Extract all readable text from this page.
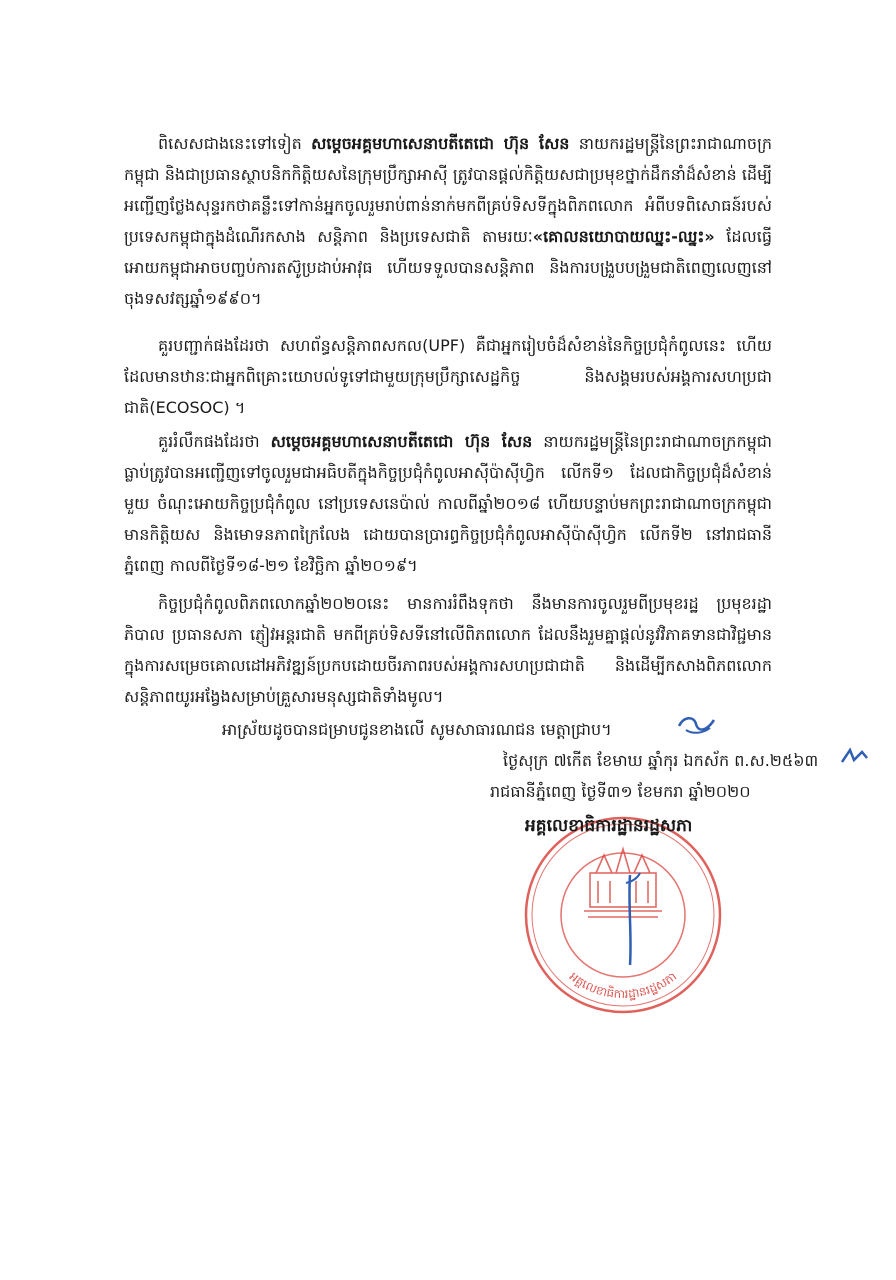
ពិសេសជាងនេះទៅទៀត សម្តេចអគ្គមហាសេនាបតីតេជោ ហ៊ុន សែន នាយករដ្ឋមន្ត្រីនៃព្រះរាជាណាចក្រកម្ពុជា និងជាប្រធានស្ថាបនិកកិត្តិយសនៃក្រុមប្រឹក្សាអាស៊ី ត្រូវបានផ្តល់កិត្តិយសជាប្រមុខថ្នាក់ដឹកនាំដ៏សំខាន់ ដើម្បីអញ្ជើញថ្លែងសុន្ទរកថាគន្លឹះទៅកាន់អ្នកចូលរួមរាប់ពាន់នាក់មកពីគ្រប់ទិសទីក្នុងពិភពលោក អំពីបទពិសោធន៍របស់ប្រទេសកម្ពុជាក្នុងដំណើរកសាង សន្តិភាព និងប្រទេសជាតិ តាមរយៈ«គោលនយោបាយឈ្នះ-ឈ្នះ» ដែលធ្វើអោយកម្ពុជាអាចបញ្ចប់ការតស៊ូប្រដាប់អាវុធ ហើយទទួលបានសន្តិភាព និងការបង្រួបបង្រួមជាតិពេញលេញនៅចុងទសវត្សឆ្នាំ១៩៩០។

គួរបញ្ជាក់ផងដែរថា សហព័ន្ធសន្តិភាពសកល(UPF) គឺជាអ្នករៀបចំដ៏សំខាន់នៃកិច្ចប្រជុំកំពូលនេះ ហើយដែលមានឋានៈជាអ្នកពិគ្រោះយោបល់ទូទៅជាមួយក្រុមប្រឹក្សាសេដ្ឋកិច្ច និងសង្គមរបស់អង្គការសហប្រជាជាតិ(ECOSOC) ។

គួររំលឹកផងដែរថា សម្តេចអគ្គមហាសេនាបតីតេជោ ហ៊ុន សែន នាយករដ្ឋមន្ត្រីនៃព្រះរាជាណាចក្រកម្ពុជា ធ្លាប់ត្រូវបានអញ្ជើញទៅចូលរួមជាអធិបតីក្នុងកិច្ចប្រជុំកំពូលអាស៊ីប៉ាស៊ីហ្វិក លើកទី១ ដែលជាកិច្ចប្រជុំដ៏សំខាន់មួយ ចំណុះអោយកិច្ចប្រជុំកំពូល នៅប្រទេសនេប៉ាល់ កាលពីឆ្នាំ២០១៨ ហើយបន្ទាប់មកព្រះរាជាណាចក្រកម្ពុជាមានកិត្តិយស និងមោទនភាពក្រៃលែង ដោយបានប្រារព្ធកិច្ចប្រជុំកំពូលអាស៊ីប៉ាស៊ីហ្វិក លើកទី២ នៅរាជធានីភ្នំពេញ កាលពីថ្ងៃទី១៨-២១ ខែវិច្ឆិកា ឆ្នាំ២០១៩។

កិច្ចប្រជុំកំពូលពិភពលោកឆ្នាំ២០២០នេះ មានការរំពឹងទុកថា នឹងមានការចូលរួមពីប្រមុខរដ្ឋ ប្រមុខរដ្ឋាភិបាល ប្រធានសភា ភ្ញៀវអន្តរជាតិ មកពីគ្រប់ទិសទីនៅលើពិភពលោក ដែលនឹងរួមគ្នាផ្តល់នូវវិភាគទានជាវិជ្ជមានក្នុងការសម្រេចគោលដៅអភិវឌ្ឍន៍ប្រកបដោយចីរភាពរបស់អង្គការសហប្រជាជាតិ និងដើម្បីកសាងពិភពលោកសន្តិភាពយូរអង្វែងសម្រាប់គ្រួសារមនុស្សជាតិទាំងមូល។

អាស្រ័យដូចបានជម្រាបជូនខាងលើ សូមសាធារណជន មេត្តាជ្រាប។
ថ្ងៃសុក្រ ៧កើត ខែមាឃ ឆ្នាំកុរ ឯកស័ក ព.ស.២៥៦៣
រាជធានីភ្នំពេញ ថ្ងៃទី៣១ ខែមករា ឆ្នាំ២០២០
អគ្គលេខាធិការដ្ឋានរដ្ឋសភា
អគ្គលេខាធិការដ្ឋានរដ្ឋសភា
